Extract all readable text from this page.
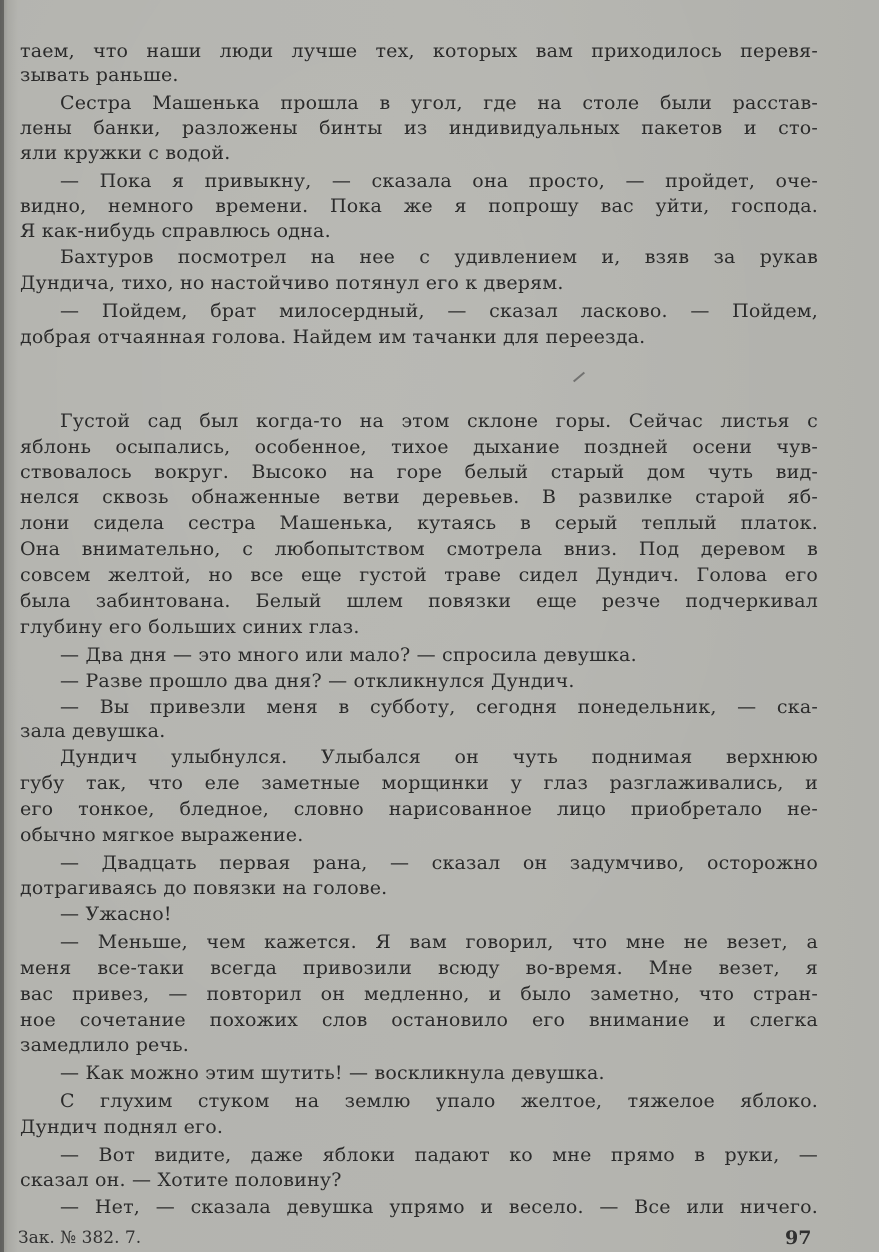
таем, что наши люди лучше тех, которых вам приходилось перевя-
зывать раньше.
Сестра Машенька прошла в угол, где на столе были расстав-
лены банки, разложены бинты из индивидуальных пакетов и сто-
яли кружки с водой.
— Пока я привыкну, — сказала она просто, — пройдет, оче-
видно, немного времени. Пока же я попрошу вас уйти, господа.
Я как-нибудь справлюсь одна.
Бахтуров посмотрел на нее с удивлением и, взяв за рукав
Дундича, тихо, но настойчиво потянул его к дверям.
— Пойдем, брат милосердный, — сказал ласково. — Пойдем,
добрая отчаянная голова. Найдем им тачанки для переезда.
Густой сад был когда-то на этом склоне горы. Сейчас листья с
яблонь осыпались, особенное, тихое дыхание поздней осени чув-
ствовалось вокруг. Высоко на горе белый старый дом чуть вид-
нелся сквозь обнаженные ветви деревьев. В развилке старой яб-
лони сидела сестра Машенька, кутаясь в серый теплый платок.
Она внимательно, с любопытством смотрела вниз. Под деревом в
совсем желтой, но все еще густой траве сидел Дундич. Голова его
была забинтована. Белый шлем повязки еще резче подчеркивал
глубину его больших синих глаз.
— Два дня — это много или мало? — спросила девушка.
— Разве прошло два дня? — откликнулся Дундич.
— Вы привезли меня в субботу, сегодня понедельник, — ска-
зала девушка.
Дундич улыбнулся. Улыбался он чуть поднимая верхнюю
губу так, что еле заметные морщинки у глаз разглаживались, и
его тонкое, бледное, словно нарисованное лицо приобретало не-
обычно мягкое выражение.
— Двадцать первая рана, — сказал он задумчиво, осторожно
дотрагиваясь до повязки на голове.
— Ужасно!
— Меньше, чем кажется. Я вам говорил, что мне не везет, а
меня все-таки всегда привозили всюду во-время. Мне везет, я
вас привез, — повторил он медленно, и было заметно, что стран-
ное сочетание похожих слов остановило его внимание и слегка
замедлило речь.
— Как можно этим шутить! — воскликнула девушка.
С глухим стуком на землю упало желтое, тяжелое яблоко.
Дундич поднял его.
— Вот видите, даже яблоки падают ко мне прямо в руки, —
сказал он. — Хотите половину?
— Нет, — сказала девушка упрямо и весело. — Все или ничего.
Зак. № 382. 7.	97
